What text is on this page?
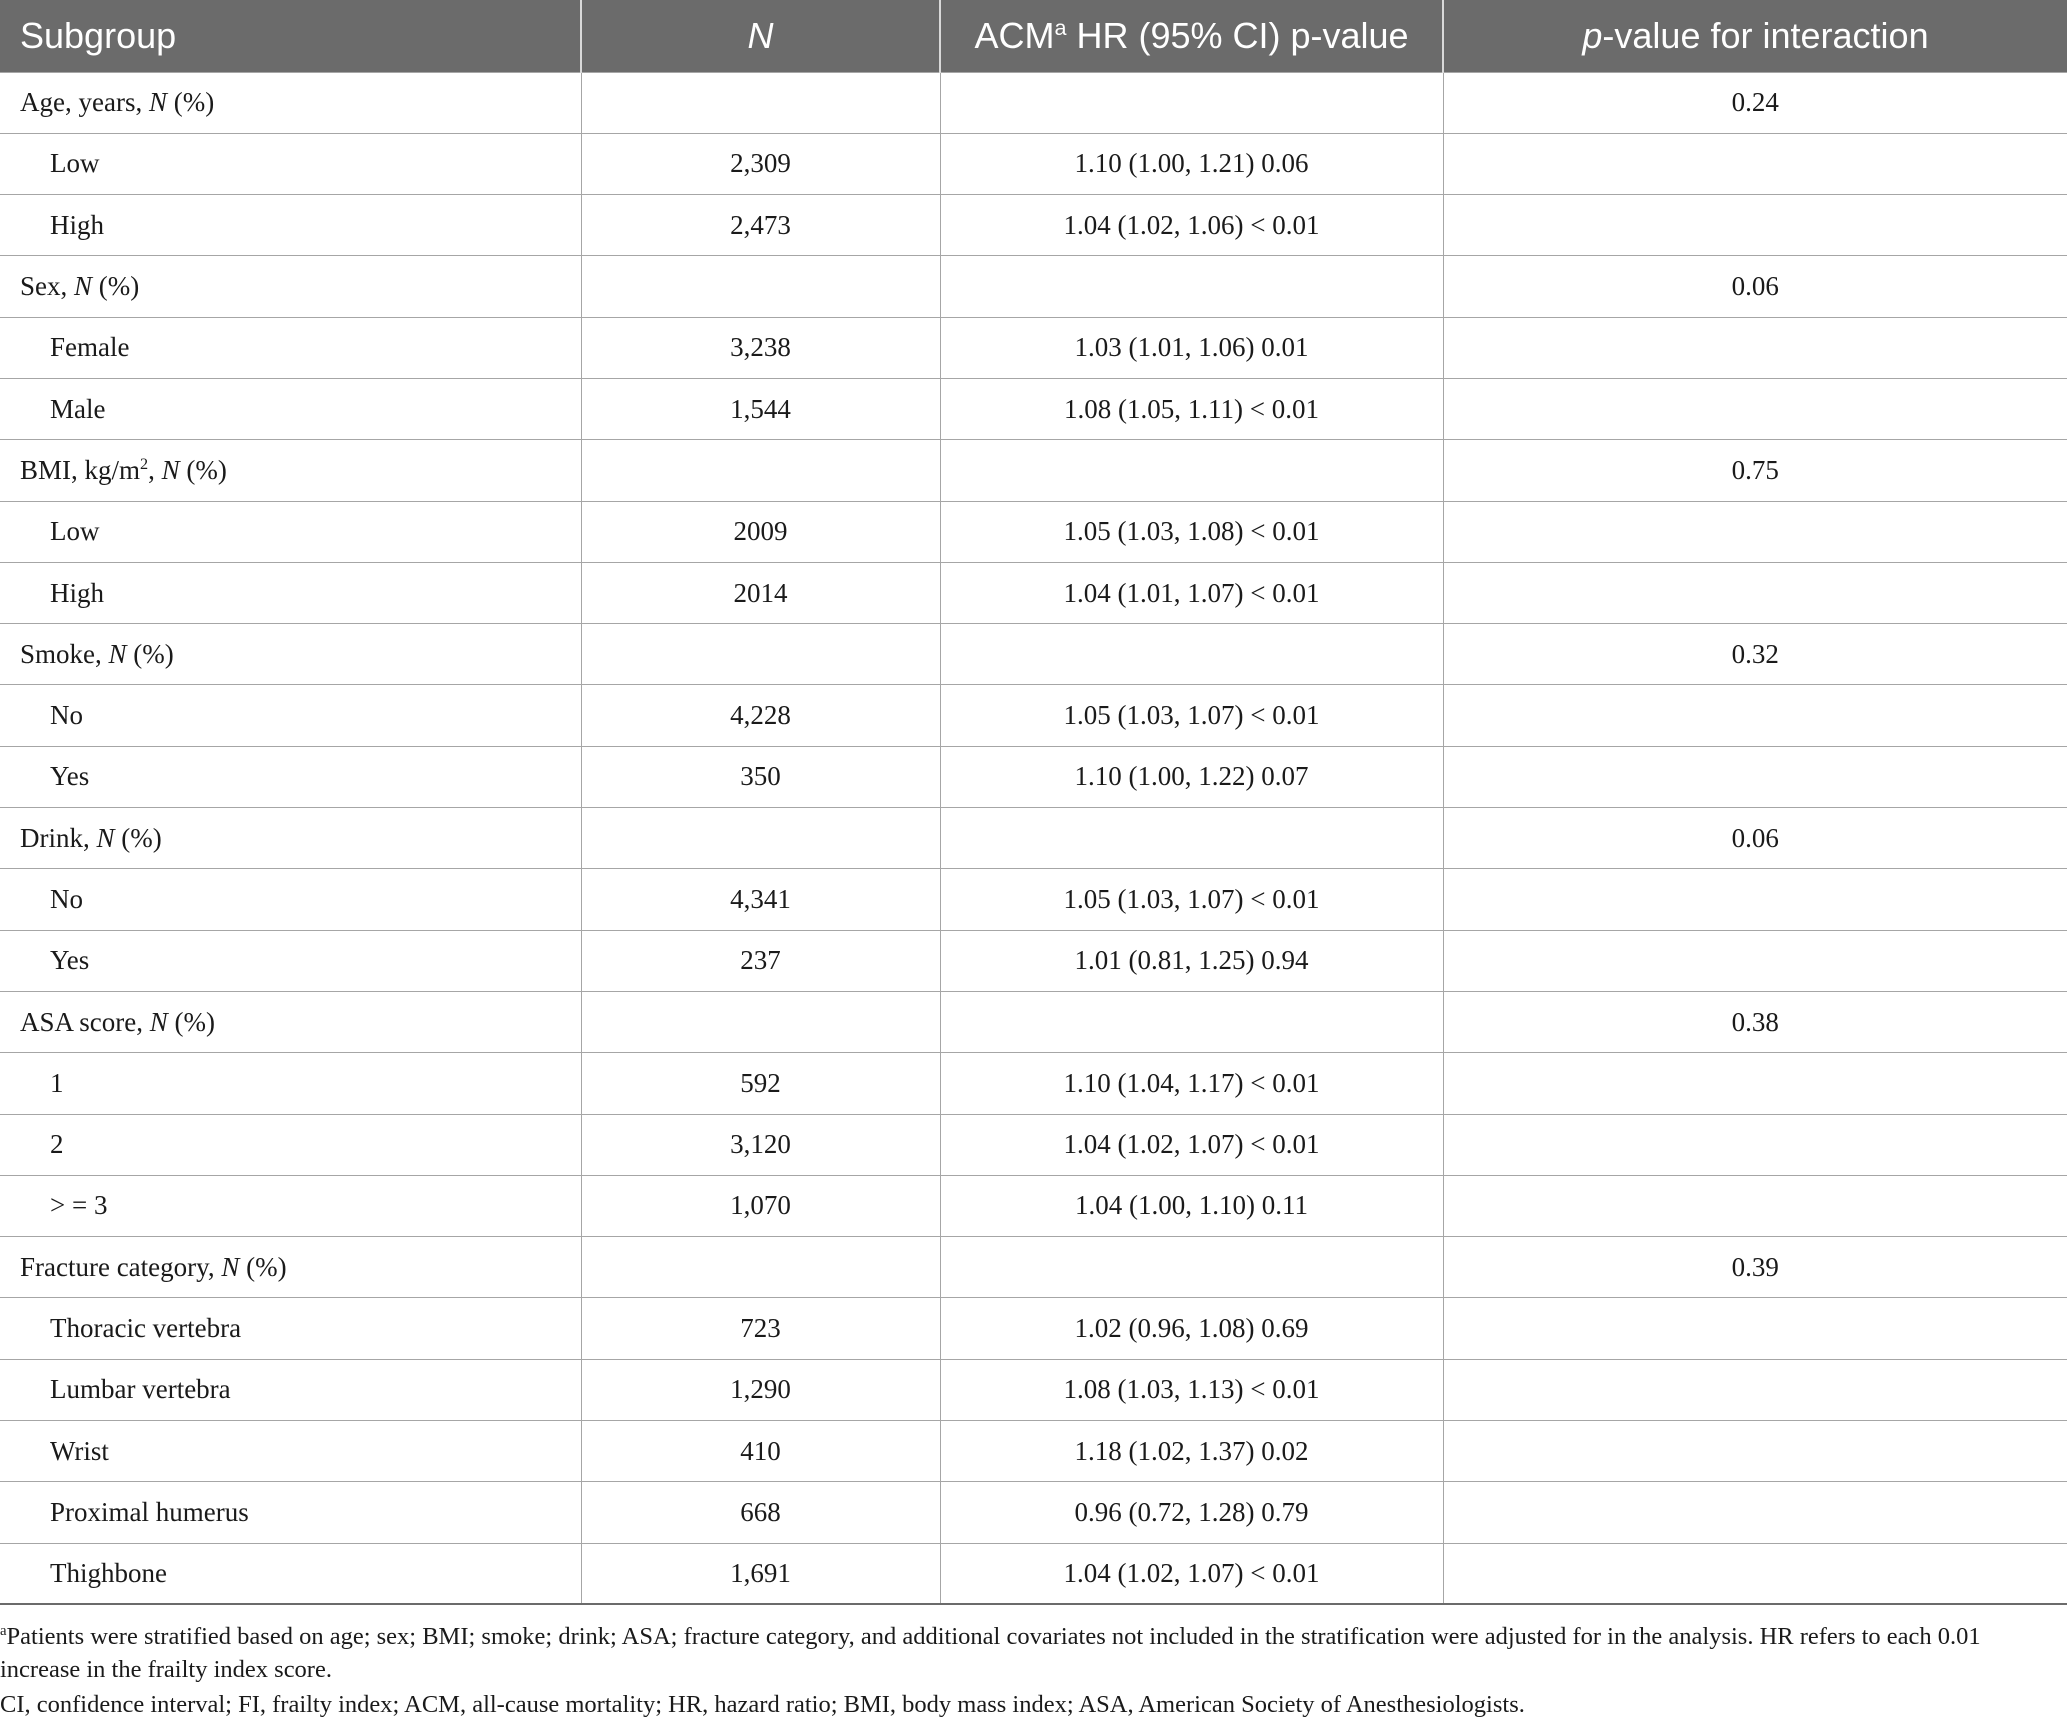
Subgroup	N	ACM$^a$ HR (95% CI) p-value	p-value for interaction
Age, years, N (%)			0.24
Low	2,309	1.10 (1.00, 1.21) 0.06	
High	2,473	1.04 (1.02, 1.06) < 0.01	
Sex, N (%)			0.06
Female	3,238	1.03 (1.01, 1.06) 0.01	
Male	1,544	1.08 (1.05, 1.11) < 0.01	
BMI, $kg/m^2$, N (%)			0.75
Low	2009	1.05 (1.03, 1.08) < 0.01	
High	2014	1.04 (1.01, 1.07) < 0.01	
Smoke, N (%)			0.32
No	4,228	1.05 (1.03, 1.07) < 0.01	
Yes	350	1.10 (1.00, 1.22) 0.07	
Drink, N (%)			0.06
No	4,341	1.05 (1.03, 1.07) < 0.01	
Yes	237	1.01 (0.81, 1.25) 0.94	
ASA score, N (%)			0.38
1	592	1.10 (1.04, 1.17) < 0.01	
2	3,120	1.04 (1.02, 1.07) < 0.01	
> = 3	1,070	1.04 (1.00, 1.10) 0.11	
Fracture category, N (%)			0.39
Thoracic vertebra	723	1.02 (0.96, 1.08) 0.69	
Lumbar vertebra	1,290	1.08 (1.03, 1.13) < 0.01	
Wrist	410	1.18 (1.02, 1.37) 0.02	
Proximal humerus	668	0.96 (0.72, 1.28) 0.79	
Thighbone	1,691	1.04 (1.02, 1.07) < 0.01	

$^a$Patients were stratified based on age; sex; BMI; smoke; drink; ASA; fracture category, and additional covariates not included in the stratification were adjusted for in the analysis. HR refers to each 0.01 increase in the frailty index score.

CI, confidence interval; FI, frailty index; ACM, all-cause mortality; HR, hazard ratio; BMI, body mass index; ASA, American Society of Anesthesiologists.
